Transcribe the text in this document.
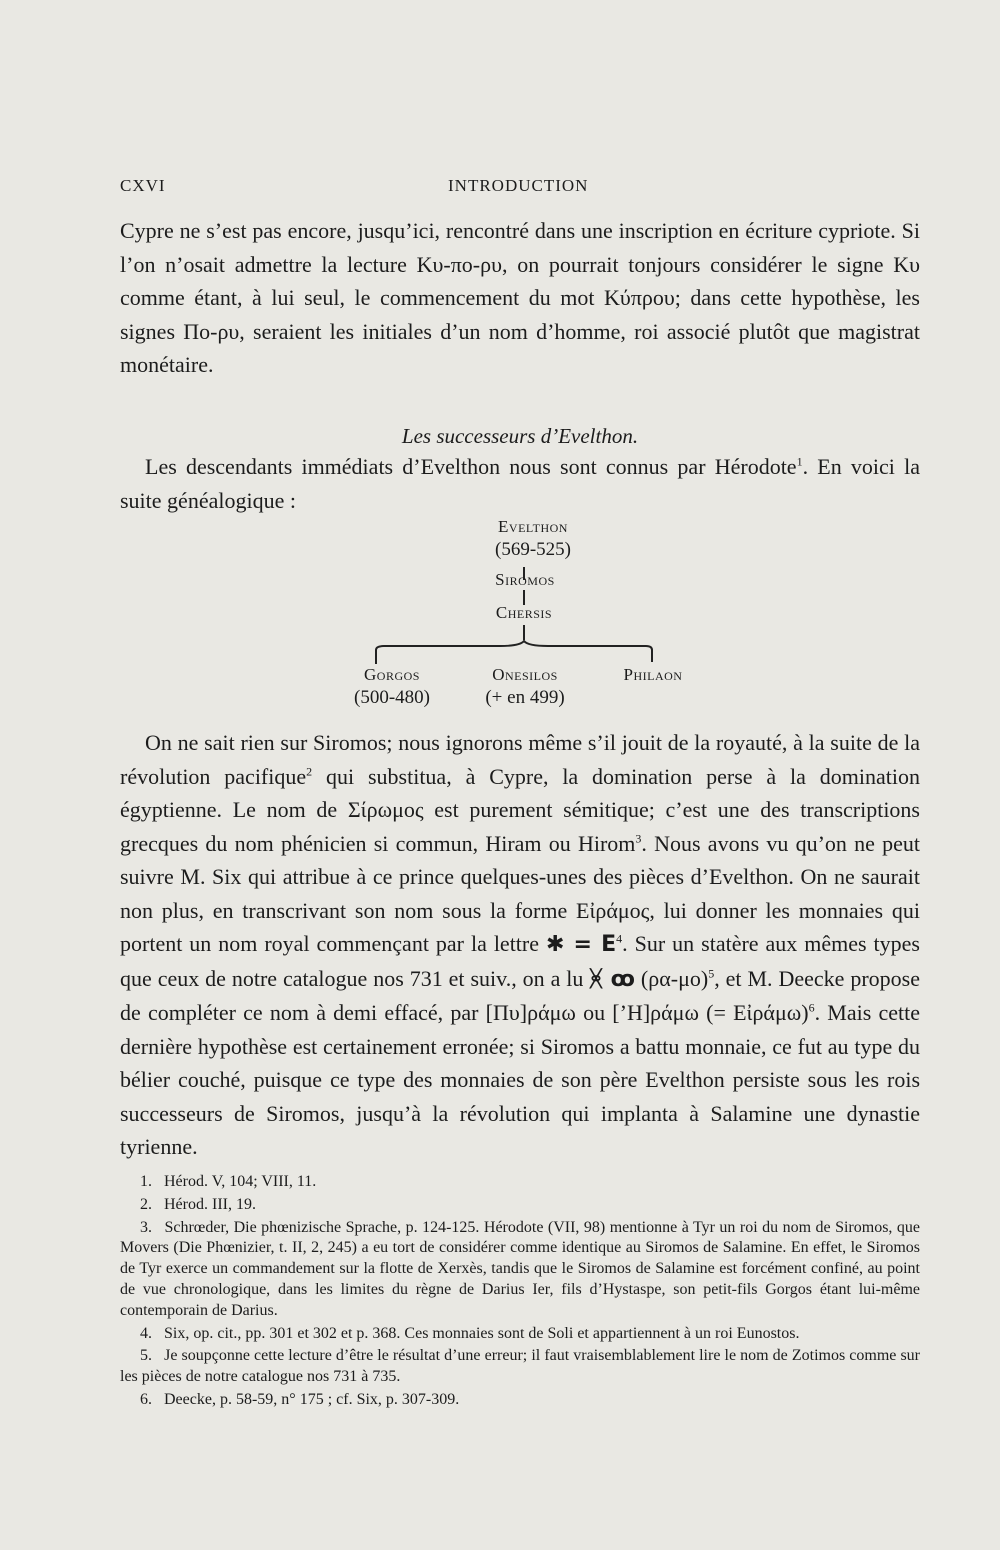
CXVI	INTRODUCTION

Cypre ne s’est pas encore, jusqu’ici, rencontré dans une inscription en écriture cypriote. Si l’on n’osait admettre la lecture Κυ-πο-ρυ, on pourrait tonjours considérer le signe Κυ comme étant, à lui seul, le commencement du mot Κύπρου; dans cette hypothèse, les signes Πο-ρυ, seraient les initiales d’un nom d’homme, roi associé plutôt que magistrat monétaire.

Les successeurs d’Evelthon.

Les descendants immédiats d’Evelthon nous sont connus par Hérodote$^1$. En voici la suite généalogique :

Evelthon
(569-525)
Siromos
Chersis
Gorgos
(500-480)
Onesilos
(+ en 499)
Philaon

On ne sait rien sur Siromos; nous ignorons même s’il jouit de la royauté, à la suite de la révolution pacifique$^2$ qui substitua, à Cypre, la domination perse à la domination égyptienne. Le nom de Σίρωμος est purement sémitique; c’est une des transcriptions grecques du nom phénicien si commun, Hiram ou Hirom$^3$. Nous avons vu qu’on ne peut suivre M. Six qui attribue à ce prince quelques-unes des pièces d’Evelthon. On ne saurait non plus, en transcrivant son nom sous la forme Εἰράμος, lui donner les monnaies qui portent un nom royal commençant par la lettre ✱ = $E^4$. Sur un statère aux mêmes types que ceux de notre catalogue nos 731 et suiv., on a lu ᚸ ꝏ $(\rho\alpha-\mu o)^5$, et M. Deecke propose de compléter ce nom à demi effacé, par [Πυ]ράμω ou [’Η]ράμω (= Εἰράμω)$^6$. Mais cette dernière hypothèse est certainement erronée; si Siromos a battu monnaie, ce fut au type du bélier couché, puisque ce type des monnaies de son père Evelthon persiste sous les rois successeurs de Siromos, jusqu’à la révolution qui implanta à Salamine une dynastie tyrienne.

1. Hérod. V, 104; VIII, 11.
2. Hérod. III, 19.
3. Schrœder, Die phœnizische Sprache, p. 124-125. Hérodote (VII, 98) mentionne à Tyr un roi du nom de Siromos, que Movers (Die Phœnizier, t. II, 2, 245) a eu tort de considérer comme identique au Siromos de Salamine. En effet, le Siromos de Tyr exerce un commandement sur la flotte de Xerxès, tandis que le Siromos de Salamine est forcément confiné, au point de vue chronologique, dans les limites du règne de Darius Ier, fils d’Hystaspe, son petit-fils Gorgos étant lui-même contemporain de Darius.
4. Six, op. cit., pp. 301 et 302 et p. 368. Ces monnaies sont de Soli et appartiennent à un roi Eunostos.
5. Je soupçonne cette lecture d’être le résultat d’une erreur; il faut vraisemblablement lire le nom de Zotimos comme sur les pièces de notre catalogue nos 731 à 735.
6. Deecke, p. 58-59, n° 175 ; cf. Six, p. 307-309.
